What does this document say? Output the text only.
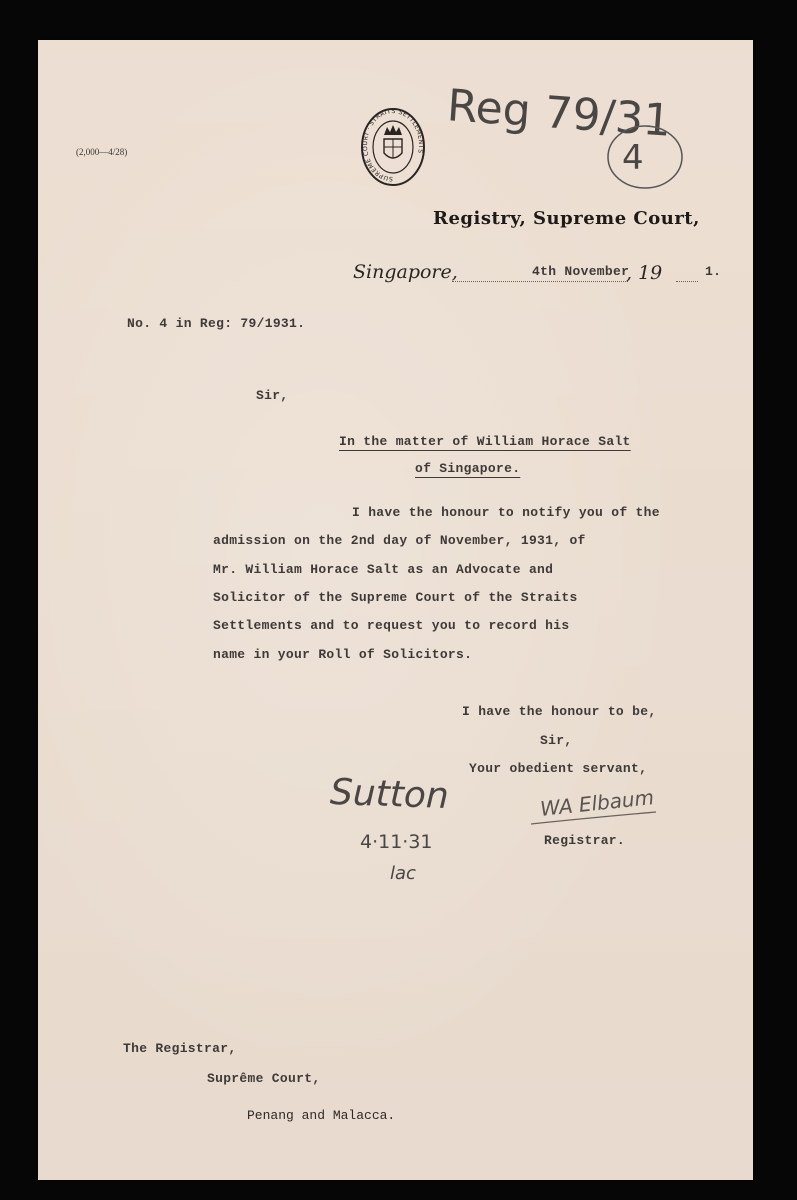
(2,000—4/28)
SUPREME COURT · STRAITS SETTLEMENTS
Reg 79/31
4
Registry, Supreme Court,
Singapore,	4th November
, 19	1.
No. 4 in Reg: 79/1931.
Sir,
In the matter of William Horace Salt
of Singapore.
I have the honour to notify you of the
admission on the 2nd day of November, 1931, of
Mr. William Horace Salt as an Advocate and
Solicitor of the Supreme Court of the Straits
Settlements and to request you to record his
name in your Roll of Solicitors.
I have the honour to be,
Sir,
Your obedient servant,
Sutton
4·11·31
lac
WA Elbaum
Registrar.
The Registrar,
Suprême Court,
Penang and Malacca.
